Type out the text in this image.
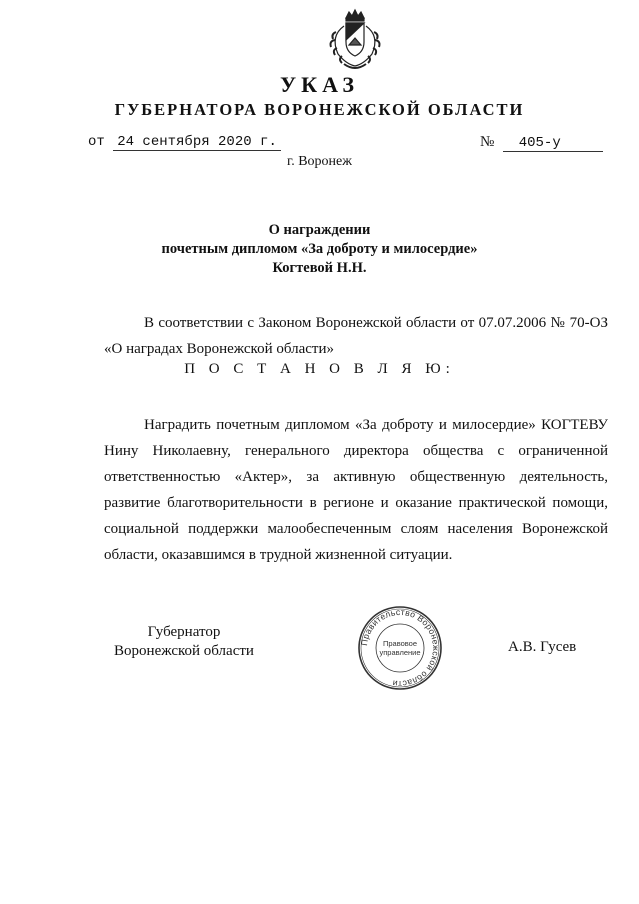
УКАЗ
ГУБЕРНАТОРА ВОРОНЕЖСКОЙ ОБЛАСТИ
от 24 сентября 2020 г.	№ 405-у
г. Воронеж
О награждении
почетным дипломом «За доброту и милосердие»
Когтевой Н.Н.
В соответствии с Законом Воронежской области от 07.07.2006 № 70-ОЗ «О наградах Воронежской области»
П О С Т А Н О В Л Я Ю:
Наградить почетным дипломом «За доброту и милосердие» КОГТЕВУ Нину Николаевну, генерального директора общества с ограниченной ответственностью «Актер», за активную общественную деятельность, развитие благотворительности в регионе и оказание практической помощи, социальной поддержки малообеспеченным слоям населения Воронежской области, оказавшимся в трудной жизненной ситуации.
Губернатор
Воронежской области
Правительство Воронежской области
Правовое
управление	А.В. Гусев
